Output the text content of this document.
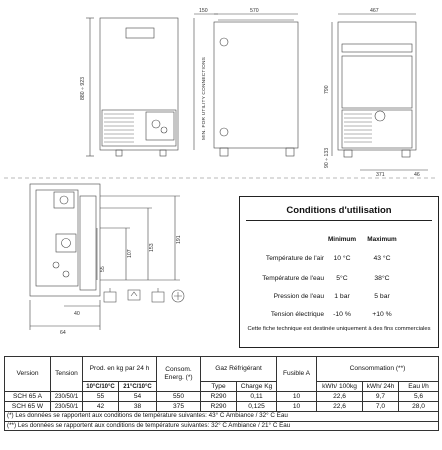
150	570	467
880 ÷ 923	790
90 ÷ 133
371	46
MIN. FOR UTILITY CONNECTIONS
40
64
55
107
153
191
Conditions d'utilisation
Minimum	Maximum
Température de l'air	10 °C	43 °C
Température de l'eau	5°C	38°C
Pression de l'eau	1 bar	5 bar
Tension électrique	-10 %	+10 %
Cette fiche technique est destinée uniquement à des fins commerciales
Version	Tension	Prod. en kg par 24 h		Consom. Energ. (*)	Gaz Réfrigérant		Fusible A	Consommation (**)		
		10°C/10°C	21°C/10°C		Type	Charge Kg		kWh/ 100kg	kWh/ 24h	Eau l/h
SCH 65 A	230/50/1	55	54	550	R290	0,11	10	22,6	9,7	5,6
SCH 65 W	230/50/1	42	38	375	R290	0,125	10	22,6	7,0	28,0
(*) Les données se rapportent aux conditions de température suivantes: 43° C Ambiance / 32° C Eau										
(**) Les données se rapportent aux conditions de température suivantes: 32° C Ambiance / 21° C Eau										
